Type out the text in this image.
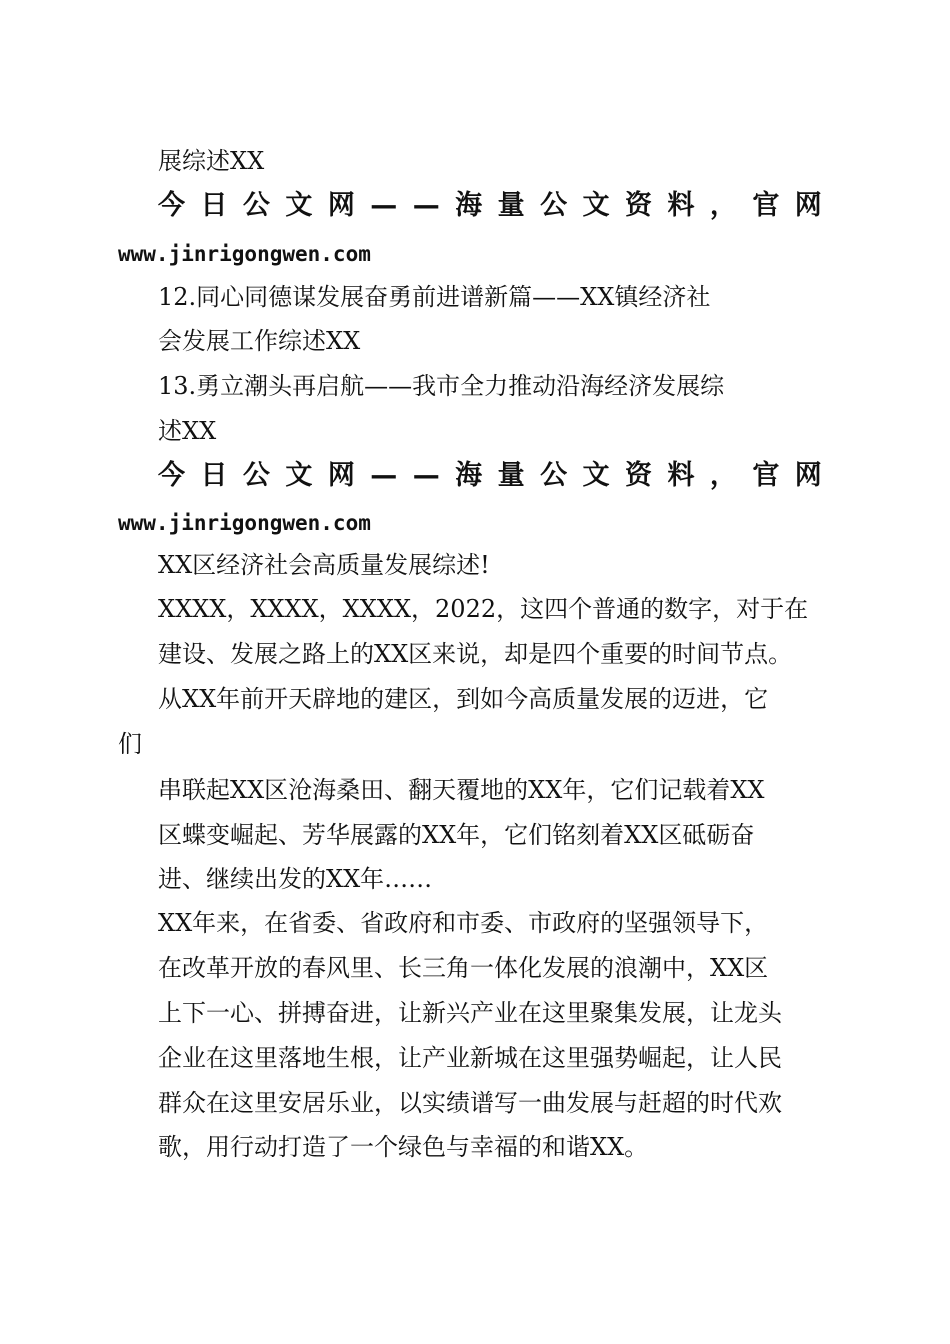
展综述XX
今 日 公 文 网 — — 海 量 公 文 资 料 ， 官 网
www.jinrigongwen.com
12.同心同德谋发展奋勇前进谱新篇——XX镇经济社
会发展工作综述XX
13.勇立潮头再启航——我市全力推动沿海经济发展综
述XX
今 日 公 文 网 — — 海 量 公 文 资 料 ， 官 网
www.jinrigongwen.com
XX区经济社会高质量发展综述!
XXXX，XXXX，XXXX，2022，这四个普通的数字，对于在
建设、发展之路上的XX区来说，却是四个重要的时间节点。
从XX年前开天辟地的建区，到如今高质量发展的迈进，它
们
串联起XX区沧海桑田、翻天覆地的XX年，它们记载着XX
区蝶变崛起、芳华展露的XX年，它们铭刻着XX区砥砺奋
进、继续出发的XX年……
XX年来，在省委、省政府和市委、市政府的坚强领导下，
在改革开放的春风里、长三角一体化发展的浪潮中，XX区
上下一心、拼搏奋进，让新兴产业在这里聚集发展，让龙头
企业在这里落地生根，让产业新城在这里强势崛起，让人民
群众在这里安居乐业，以实绩谱写一曲发展与赶超的时代欢
歌，用行动打造了一个绿色与幸福的和谐XX。
